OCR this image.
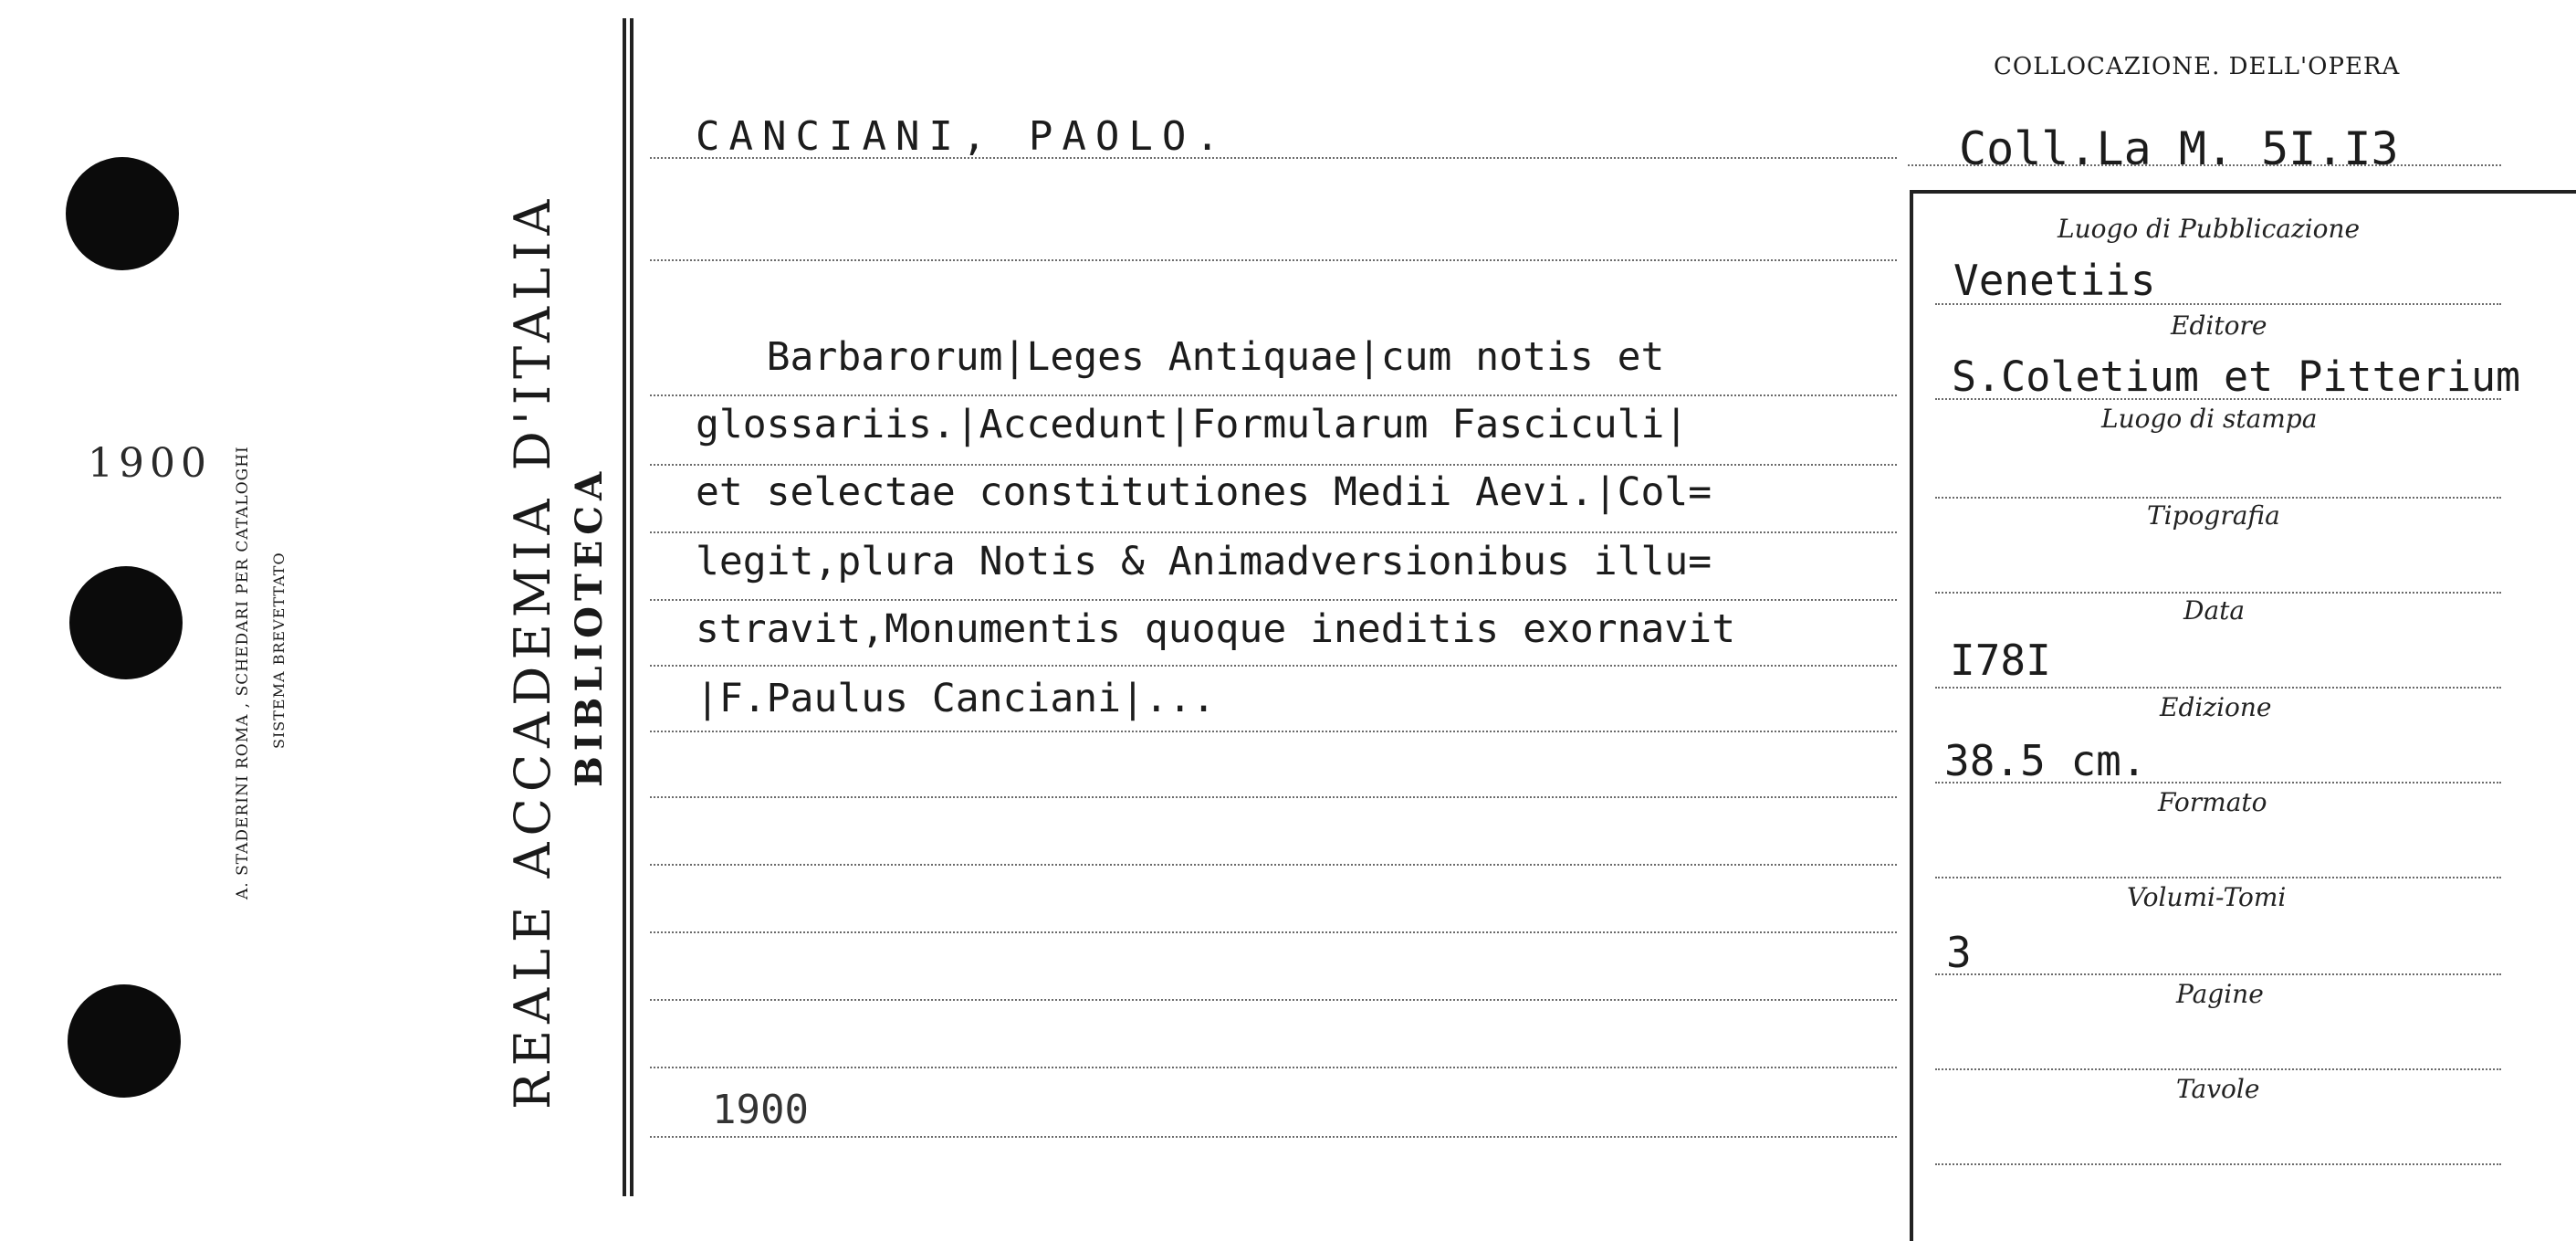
1900 A. STADERINI ROMA , SCHEDARI PER CATALOGHI SISTEMA BREVETTATO	REALE ACCADEMIA D'ITALIA BIBLIOTECA
CANCIANI, PAOLO.
Barbarorum|Leges Antiquae|cum notis et
glossariis.|Accedunt|Formularum Fasciculi|
et selectae constitutiones Medii Aevi.|Col=
legit,plura Notis & Animadversionibus illu=
stravit,Monumentis quoque ineditis exornavit
|F.Paulus Canciani|...
1900
COLLOCAZIONE. DELL'OPERA
Coll.La M. 5I.I3
Luogo di Pubblicazione
Editore
Luogo di stampa
Tipografia
Data
Edizione
Formato
Volumi-Tomi
Pagine
Tavole
Venetiis
S.Coletium et Pitterium
I78I
38.5 cm.
3
